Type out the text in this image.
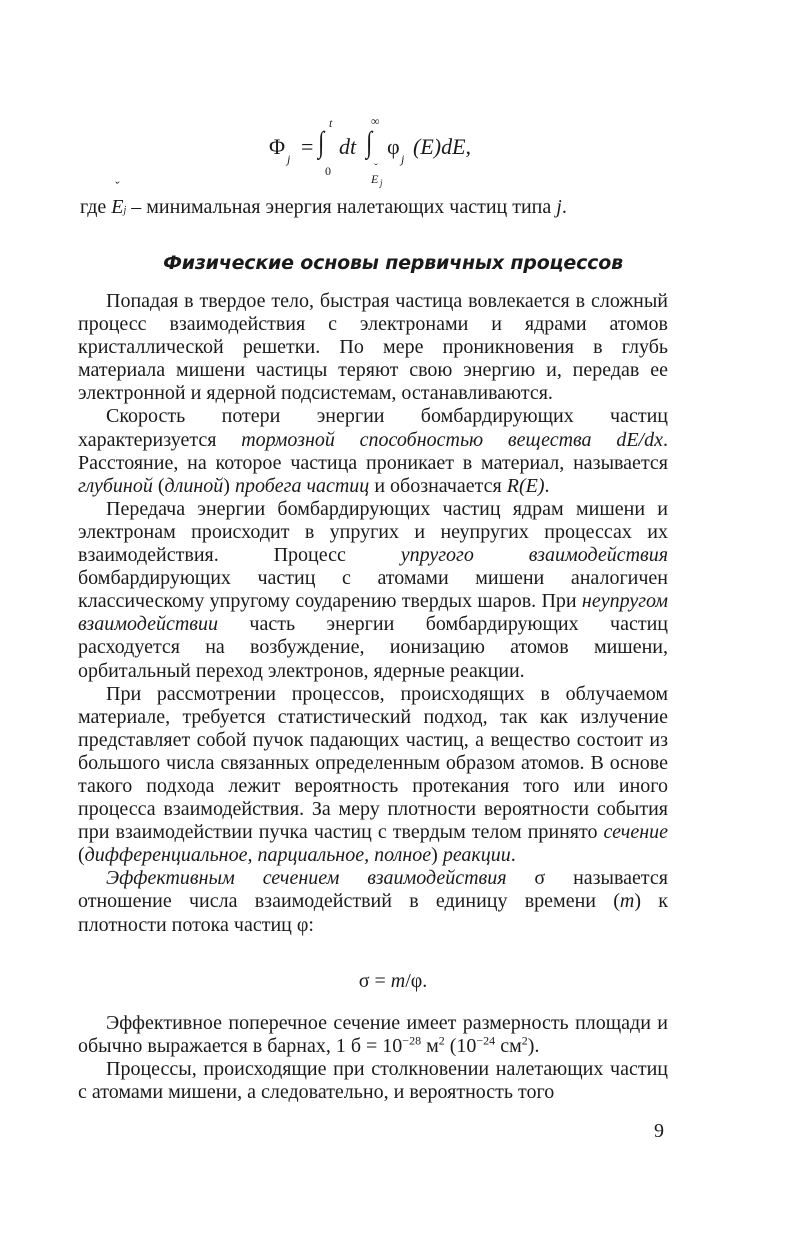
Φ j = ∫
t
0
dt ∫
∞
ˇ
E j
φ j (E)dE,
где
ˇ
Ej – минимальная энергия налетающих частиц типа j.
Физические основы первичных процессов

Попадая в твердое тело, быстрая частица вовлекается в сложный процесс взаимодействия с электронами и ядрами атомов кристаллической решетки. По мере проникновения в глубь материала мишени частицы теряют свою энергию и, передав ее электронной и ядерной подсистемам, останавливаются.

Скорость потери энергии бомбардирующих частиц характеризуется тормозной способностью вещества dE/dx. Расстояние, на которое частица проникает в материал, называется глубиной (длиной) пробега частиц и обозначается R(E).

Передача энергии бомбардирующих частиц ядрам мишени и электронам происходит в упругих и неупругих процессах их взаимодействия. Процесс упругого взаимодействия бомбардирующих частиц с атомами мишени аналогичен классическому упругому соударению твердых шаров. При неупругом взаимодействии часть энергии бомбардирующих частиц расходуется на возбуждение, ионизацию атомов мишени, орбитальный переход электронов, ядерные реакции.

При рассмотрении процессов, происходящих в облучаемом материале, требуется статистический подход, так как излучение представляет собой пучок падающих частиц, а вещество состоит из большого числа связанных определенным образом атомов. В основе такого подхода лежит вероятность протекания того или иного процесса взаимодействия. За меру плотности вероятности события при взаимодействии пучка частиц с твердым телом принято сечение (дифференциальное, парциальное, полное) реакции.

Эффективным сечением взаимодействия σ называется отношение числа взаимодействий в единицу времени (m) к плотности потока частиц φ:

σ = m/φ.

Эффективное поперечное сечение имеет размерность площади и обычно выражается в барнах, 1 $б = 10^{-28}$ $м^2$ ($10^{-24}$ $см^2$).

Процессы, происходящие при столкновении налетающих частиц с атомами мишени, а следовательно, и вероятность того

9
